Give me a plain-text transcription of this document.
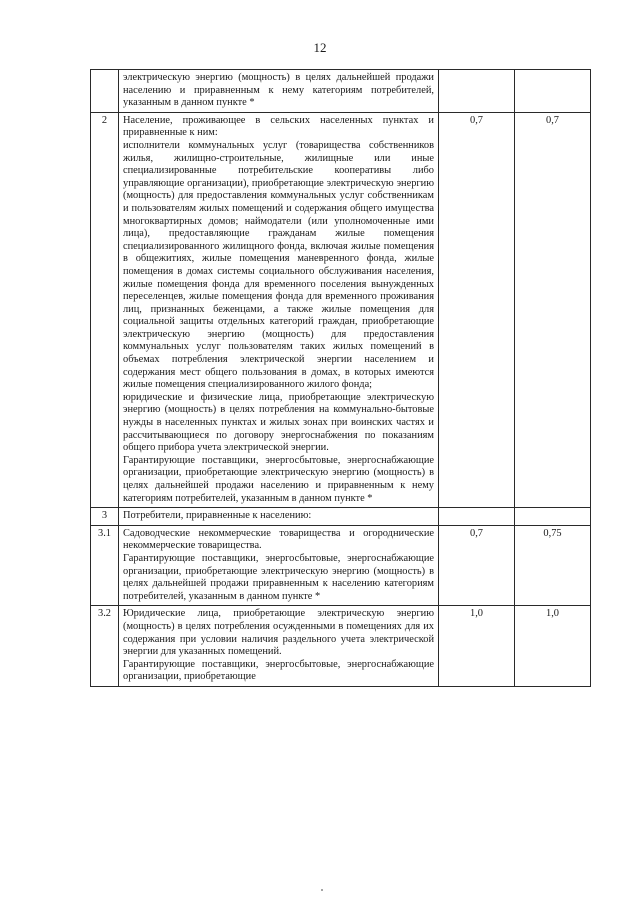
12

	электрическую энергию (мощность) в целях дальнейшей продажи населению и приравненным к нему категориям потребителей, указанным в данном пункте *		

2	Население, проживающее в сельских населенных пунктах и приравненные к ним:
исполнители коммунальных услуг (товарищества собственников жилья, жилищно-строительные, жилищные или иные специализированные потребительские кооперативы либо управляющие организации), приобретающие электрическую энергию (мощность) для предоставления коммунальных услуг собственникам и пользователям жилых помещений и содержания общего имущества многоквартирных домов; наймодатели (или уполномоченные ими лица), предоставляющие гражданам жилые помещения специализированного жилищного фонда, включая жилые помещения в общежитиях, жилые помещения маневренного фонда, жилые помещения в домах системы социального обслуживания населения, жилые помещения фонда для временного поселения вынужденных переселенцев, жилые помещения фонда для временного проживания лиц, признанных беженцами, а также жилые помещения для социальной защиты отдельных категорий граждан, приобретающие электрическую энергию (мощность) для предоставления коммунальных услуг пользователям таких жилых помещений в объемах потребления электрической энергии населением и содержания мест общего пользования в домах, в которых имеются жилые помещения специализированного жилого фонда;
юридические и физические лица, приобретающие электрическую энергию (мощность) в целях потребления на коммунально-бытовые нужды в населенных пунктах и жилых зонах при воинских частях и рассчитывающиеся по договору энергоснабжения по показаниям общего прибора учета электрической энергии.
Гарантирующие поставщики, энергосбытовые, энергоснабжающие организации, приобретающие электрическую энергию (мощность) в целях дальнейшей продажи населению и приравненным к нему категориям потребителей, указанным в данном пункте *	0,7	0,7
3	Потребители, приравненные к населению:		

3.1	Садоводческие некоммерческие товарищества и огороднические некоммерческие товарищества.
Гарантирующие поставщики, энергосбытовые, энергоснабжающие организации, приобретающие электрическую энергию (мощность) в целях дальнейшей продажи приравненным к населению категориям потребителей, указанным в данном пункте *	0,7	0,75
3.2	Юридические лица, приобретающие электрическую энергию (мощность) в целях потребления осужденными в помещениях для их содержания при условии наличия раздельного учета электрической энергии для указанных помещений.
Гарантирующие поставщики, энергосбытовые, энергоснабжающие организации, приобретающие	1,0	1,0
